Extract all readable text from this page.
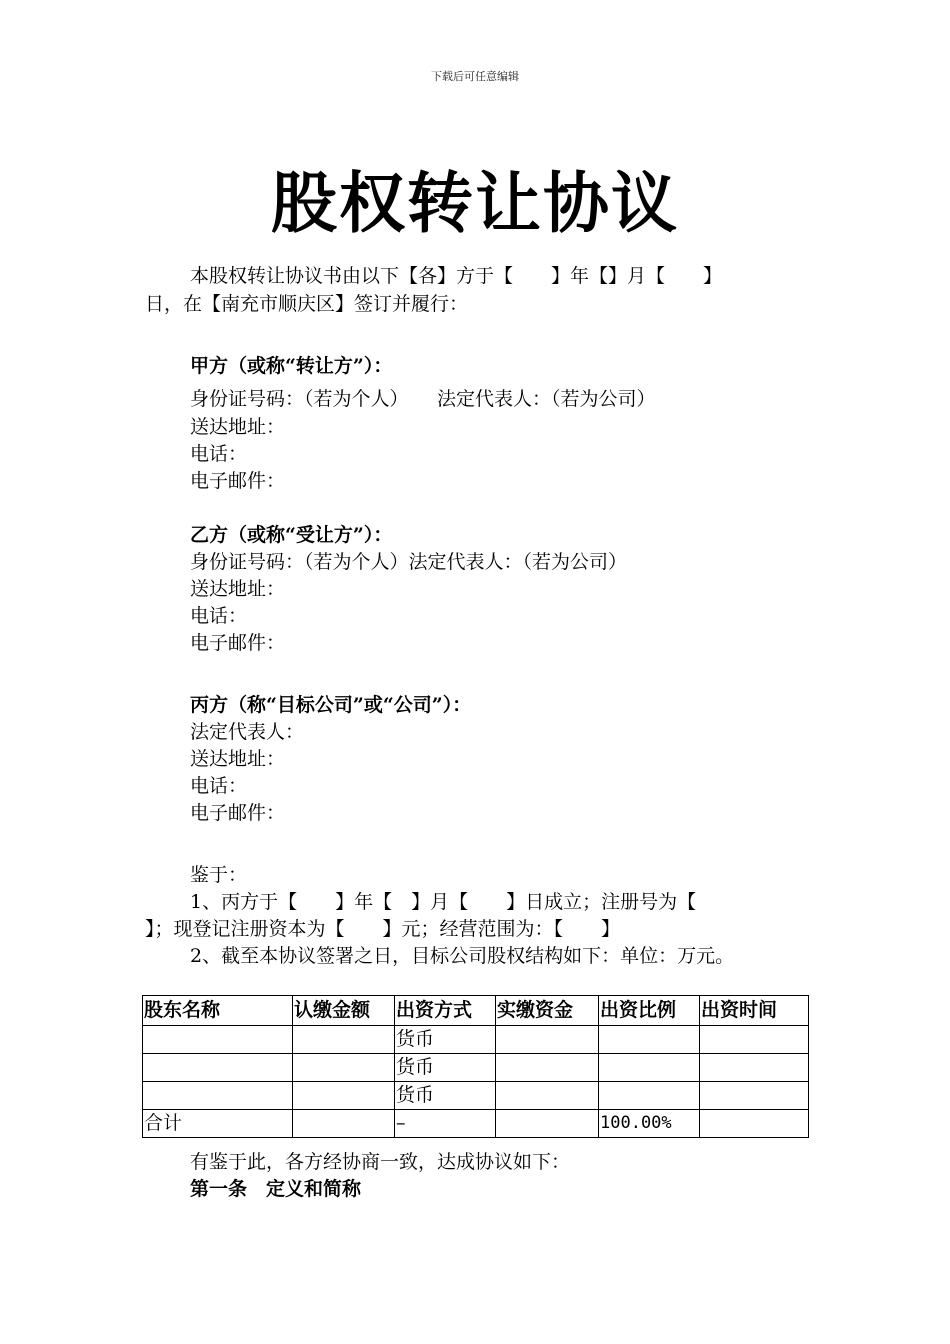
下载后可任意编辑
股权转让协议
本股权转让协议书由以下【各】方于【　　】年【】月【　　】
日，在【南充市顺庆区】签订并履行：
甲方（或称“转让方”）：
身份证号码：（若为个人）　　法定代表人：（若为公司）
送达地址：
电话：
电子邮件：
乙方（或称“受让方”）：
身份证号码：（若为个人）法定代表人：（若为公司）
送达地址：
电话：
电子邮件：
丙方（称“目标公司”或“公司”）：
法定代表人：
送达地址：
电话：
电子邮件：
鉴于：
1、丙方于【　　】年【　】月【　　】日成立；注册号为【
】；现登记注册资本为【　　】元；经营范围为：【　　】
2、截至本协议签署之日，目标公司股权结构如下：单位：万元。
股东名称	认缴金额	出资方式	实缴资金	出资比例	出资时间
		货币			
		货币			
		货币			
合计		–		100.00%	
有鉴于此，各方经协商一致，达成协议如下：
第一条　定义和简称
